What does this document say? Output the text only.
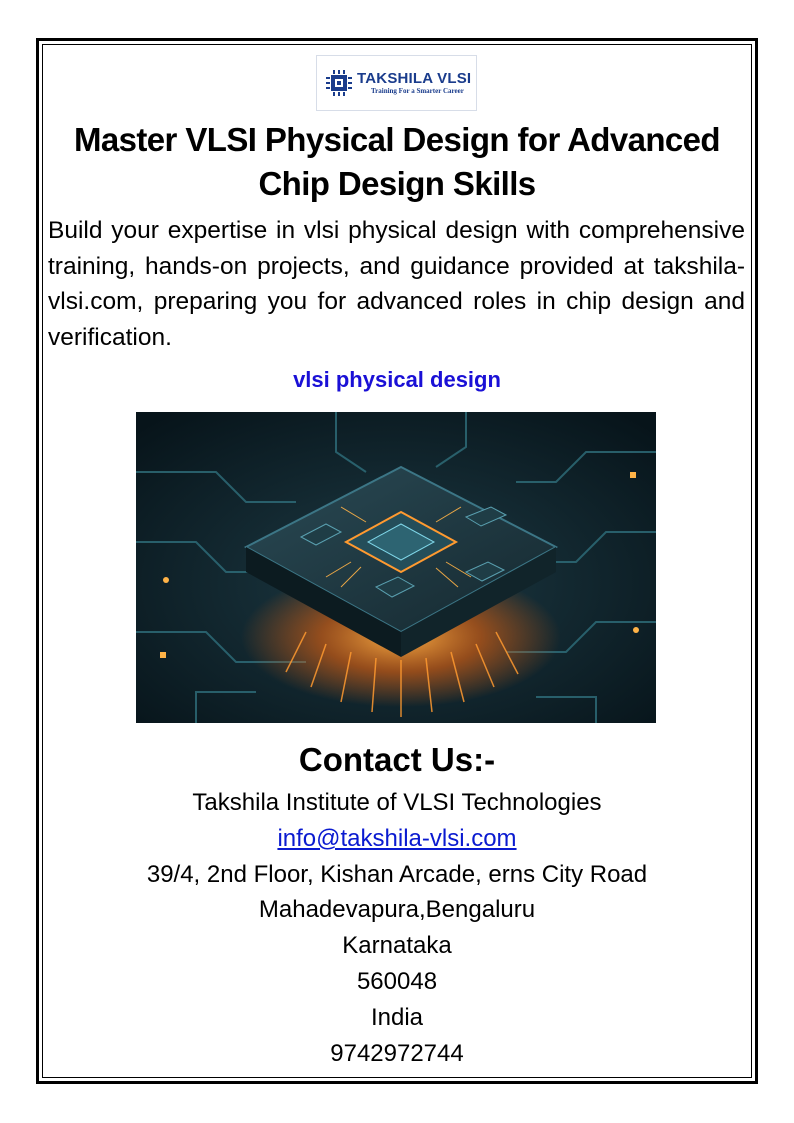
TAKSHILA VLSI
Training For a Smarter Career
Master VLSI Physical Design for Advanced Chip Design Skills
Build your expertise in vlsi physical design with comprehensive training, hands-on projects, and guidance provided at takshila-vlsi.com, preparing you for advanced roles in chip design and verification.
vlsi physical design
Contact Us:-
Takshila Institute of VLSI Technologies
info@takshila-vlsi.com
39/4, 2nd Floor, Kishan Arcade, erns City Road
Mahadevapura,Bengaluru
Karnataka
560048
India
9742972744
